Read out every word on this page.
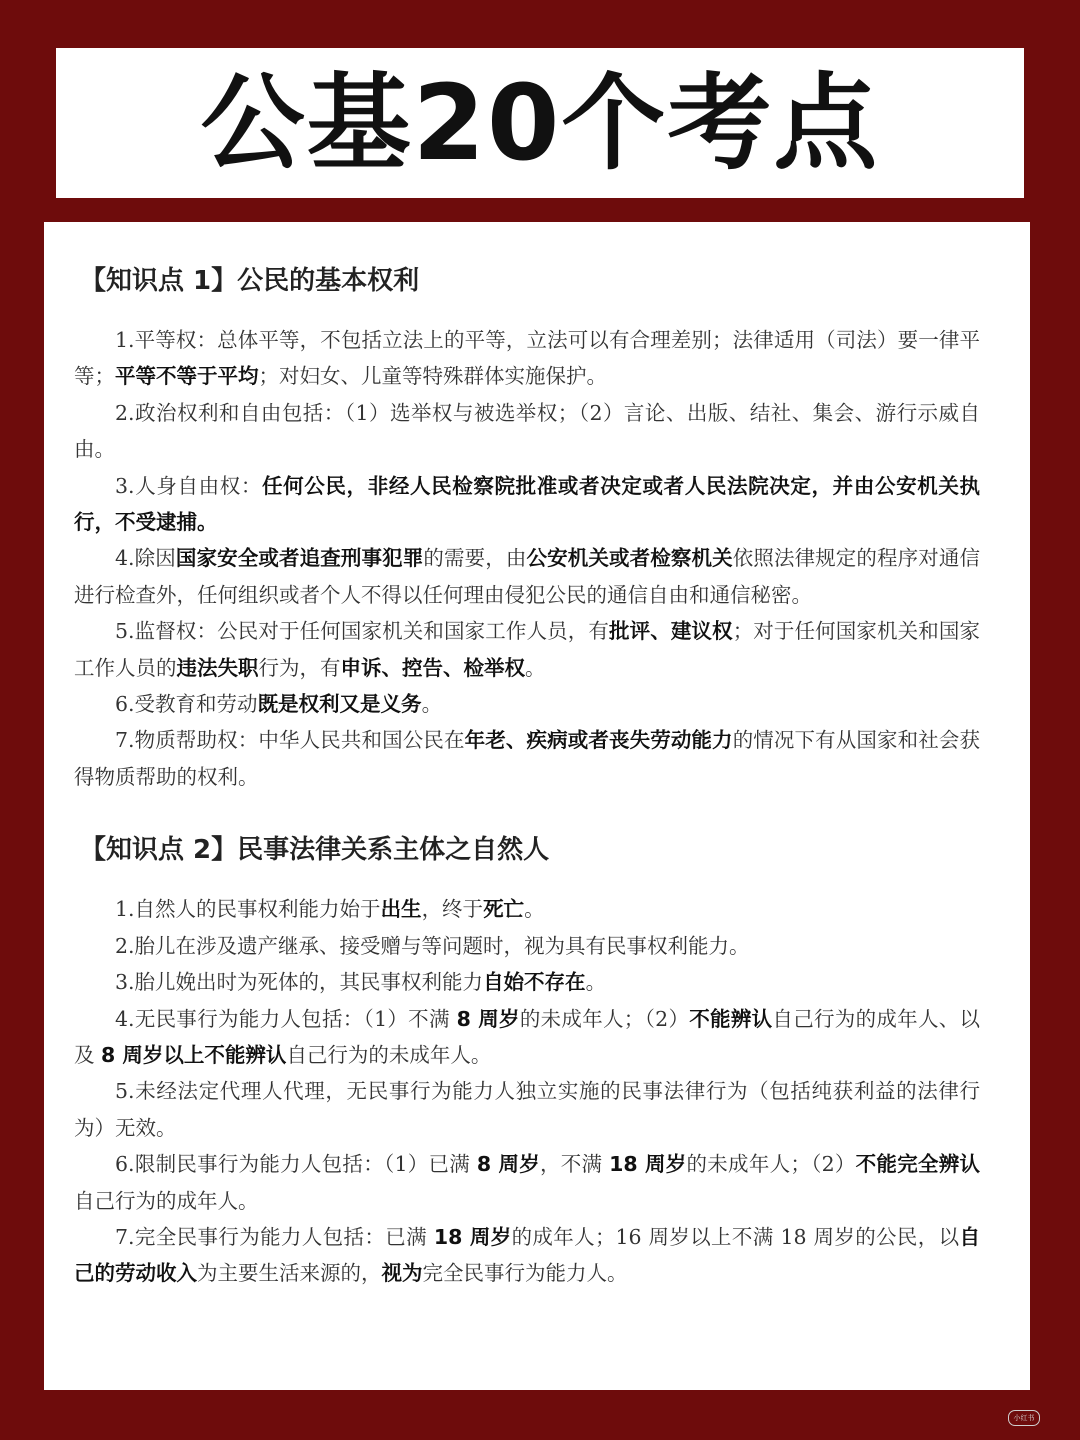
公基20个考点
【知识点 1】公民的基本权利

1.平等权：总体平等，不包括立法上的平等，立法可以有合理差别；法律适用（司法）要一律平等；平等不等于平均；对妇女、儿童等特殊群体实施保护。

2.政治权利和自由包括：（1）选举权与被选举权；（2）言论、出版、结社、集会、游行示威自由。

3.人身自由权：任何公民，非经人民检察院批准或者决定或者人民法院决定，并由公安机关执行，不受逮捕。

4.除因国家安全或者追查刑事犯罪的需要，由公安机关或者检察机关依照法律规定的程序对通信进行检查外，任何组织或者个人不得以任何理由侵犯公民的通信自由和通信秘密。

5.监督权：公民对于任何国家机关和国家工作人员，有批评、建议权；对于任何国家机关和国家工作人员的违法失职行为，有申诉、控告、检举权。

6.受教育和劳动既是权利又是义务。

7.物质帮助权：中华人民共和国公民在年老、疾病或者丧失劳动能力的情况下有从国家和社会获得物质帮助的权利。

【知识点 2】民事法律关系主体之自然人

1.自然人的民事权利能力始于出生，终于死亡。

2.胎儿在涉及遗产继承、接受赠与等问题时，视为具有民事权利能力。

3.胎儿娩出时为死体的，其民事权利能力自始不存在。

4.无民事行为能力人包括：（1）不满 8 周岁的未成年人；（2）不能辨认自己行为的成年人、以及 8 周岁以上不能辨认自己行为的未成年人。

5.未经法定代理人代理，无民事行为能力人独立实施的民事法律行为（包括纯获利益的法律行为）无效。

6.限制民事行为能力人包括：（1）已满 8 周岁，不满 18 周岁的未成年人；（2）不能完全辨认自己行为的成年人。

7.完全民事行为能力人包括：已满 18 周岁的成年人；16 周岁以上不满 18 周岁的公民，以自己的劳动收入为主要生活来源的，视为完全民事行为能力人。

小红书
